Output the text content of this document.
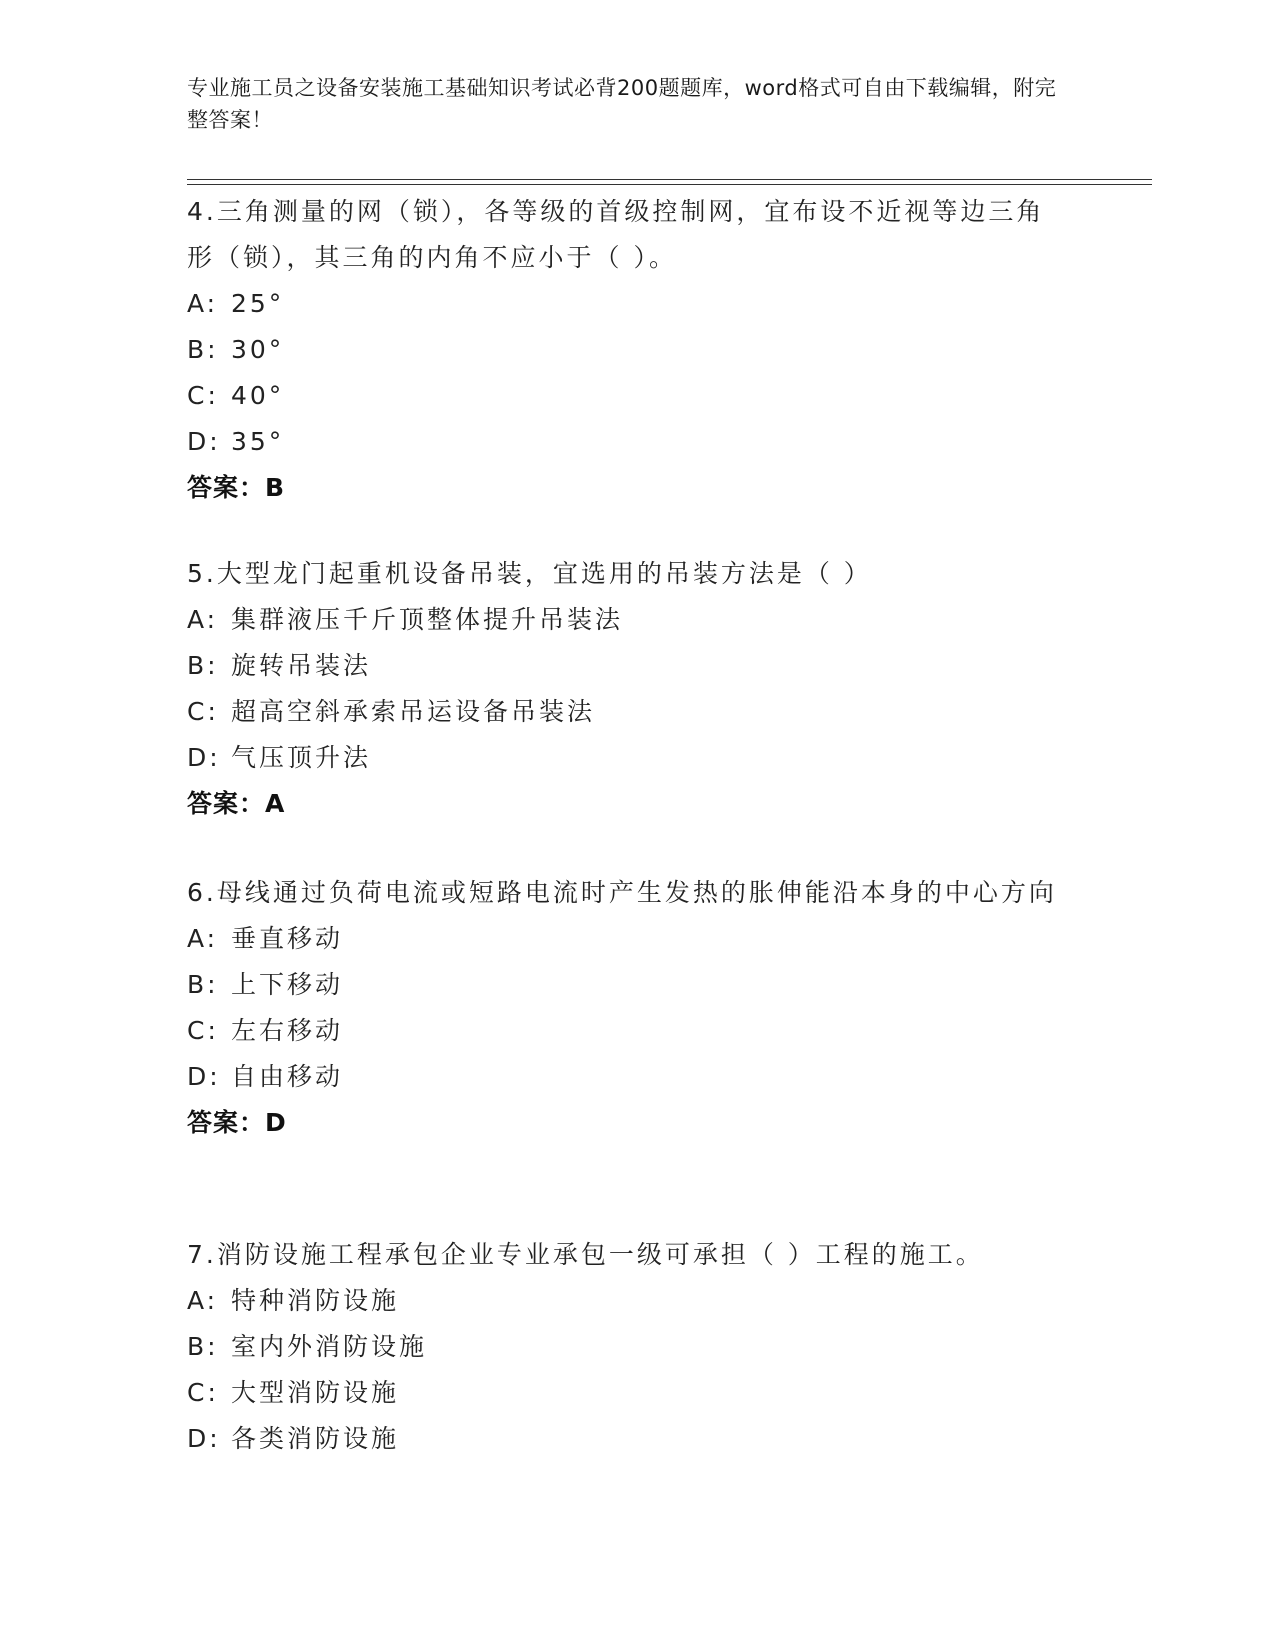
专业施工员之设备安装施工基础知识考试必背200题题库，word格式可自由下载编辑，附完整答案！

4.三角测量的网（锁），各等级的首级控制网，宜布设不近视等边三角形（锁），其三角的内角不应小于（ ）。

A: 25°

B: 30°

C: 40°

D: 35°

答案：B

5.大型龙门起重机设备吊装，宜选用的吊装方法是（ ）

A: 集群液压千斤顶整体提升吊装法

B: 旋转吊装法

C: 超高空斜承索吊运设备吊装法

D: 气压顶升法

答案：A

6.母线通过负荷电流或短路电流时产生发热的胀伸能沿本身的中心方向

A: 垂直移动

B: 上下移动

C: 左右移动

D: 自由移动

答案：D

7.消防设施工程承包企业专业承包一级可承担（ ）工程的施工。

A: 特种消防设施

B: 室内外消防设施

C: 大型消防设施

D: 各类消防设施
